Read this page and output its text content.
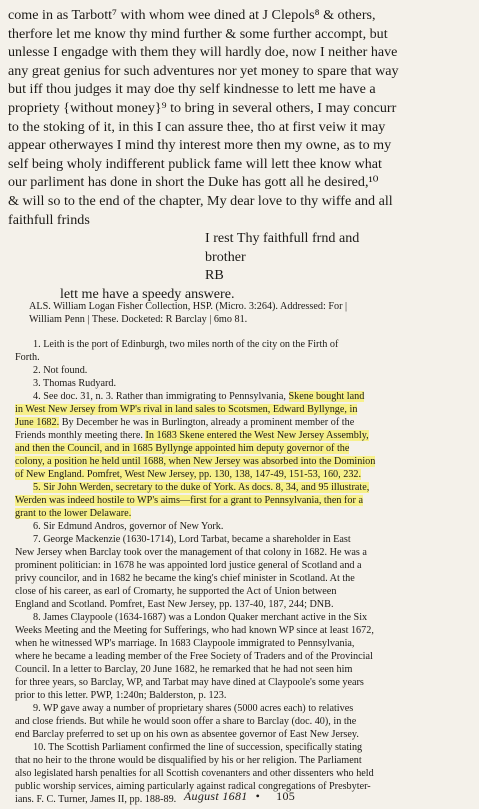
come in as Tarbott⁷ with whom wee dined at J Clepols⁸ & others,

therfore let me know thy mind further & some further accompt, but

unlesse I engadge with them they will hardly doe, now I neither have

any great genius for such adventures nor yet money to spare that way

but iff thou judges it may doe thy self kindnesse to lett me have a

propriety {without money}⁹ to bring in several others, I may concurr

to the stoking of it, in this I can assure thee, tho at first veiw it may

appear otherwayes I mind thy interest more then my owne, as to my

self being wholy indifferent publick fame will lett thee know what

our parliment has done in short the Duke has gott all he desired,¹⁰

& will so to the end of the chapter, My dear love to thy wiffe and all

faithfull frinds

I rest Thy faithfull frnd and

brother

RB

lett me have a speedy answere.

ALS. William Logan Fisher Collection, HSP. (Micro. 3:264). Addressed: For |

William Penn | These. Docketed: R Barclay | 6mo 81.

1. Leith is the port of Edinburgh, two miles north of the city on the Firth of

Forth.

2. Not found.

3. Thomas Rudyard.

4. See doc. 31, n. 3. Rather than immigrating to Pennsylvania, Skene bought land

in West New Jersey from WP's rival in land sales to Scotsmen, Edward Byllynge, in

June 1682. By December he was in Burlington, already a prominent member of the

Friends monthly meeting there. In 1683 Skene entered the West New Jersey Assembly,

and then the Council, and in 1685 Byllynge appointed him deputy governor of the

colony, a position he held until 1688, when New Jersey was absorbed into the Dominion

of New England. Pomfret, West New Jersey, pp. 130, 138, 147-49, 151-53, 160, 232.

5. Sir John Werden, secretary to the duke of York. As docs. 8, 34, and 95 illustrate,

Werden was indeed hostile to WP's aims—first for a grant to Pennsylvania, then for a

grant to the lower Delaware.

6. Sir Edmund Andros, governor of New York.

7. George Mackenzie (1630-1714), Lord Tarbat, became a shareholder in East

New Jersey when Barclay took over the management of that colony in 1682. He was a

prominent politician: in 1678 he was appointed lord justice general of Scotland and a

privy councilor, and in 1682 he became the king's chief minister in Scotland. At the

close of his career, as earl of Cromarty, he supported the Act of Union between

England and Scotland. Pomfret, East New Jersey, pp. 137-40, 187, 244; DNB.

8. James Claypoole (1634-1687) was a London Quaker merchant active in the Six

Weeks Meeting and the Meeting for Sufferings, who had known WP since at least 1672,

when he witnessed WP's marriage. In 1683 Claypoole immigrated to Pennsylvania,

where he became a leading member of the Free Society of Traders and of the Provincial

Council. In a letter to Barclay, 20 June 1682, he remarked that he had not seen him

for three years, so Barclay, WP, and Tarbat may have dined at Claypoole's some years

prior to this letter. PWP, 1:240n; Balderston, p. 123.

9. WP gave away a number of proprietary shares (5000 acres each) to relatives

and close friends. But while he would soon offer a share to Barclay (doc. 40), in the

end Barclay preferred to set up on his own as absentee governor of East New Jersey.

10. The Scottish Parliament confirmed the line of succession, specifically stating

that no heir to the throne would be disqualified by his or her religion. The Parliament

also legislated harsh penalties for all Scottish covenanters and other dissenters who held

public worship services, aiming particularly against radical congregations of Presbyter-

ians. F. C. Turner, James II, pp. 188-89. August 1681 • 105
